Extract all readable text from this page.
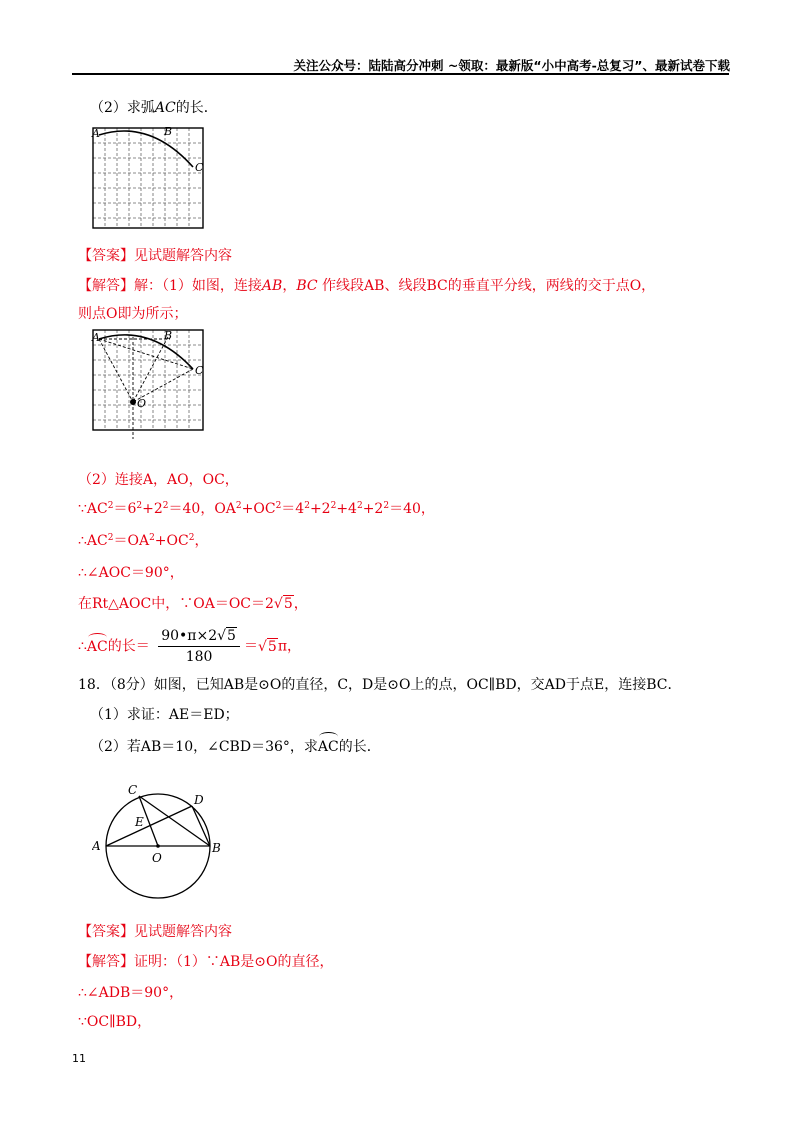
关注公众号：陆陆高分冲刺 ~领取：最新版“小中高考-总复习”、最新试卷下载
（2）求弧AC的长．
A	B
C
【答案】见试题解答内容
【解答】解：（1）如图，连接AB，BC 作线段AB、线段BC的垂直平分线，两线的交于点O，
则点O即为所示；
A	B
C
O
（2）连接A，AO，OC，
$\because AC^2=6^2+2^2=40$，$OA^2+OC^2=4^2+2^2+4^2+2^2=40$，
$\therefore AC^2=OA^2+OC^2$，
∴∠AOC＝90°，
在Rt△AOC中，∵OA＝OC＝2√5，
∴AC的长＝ $\frac{90•\pi\times 2√5}{180} =√5\pi$，
18．（8分）如图，已知AB是⊙O的直径，C，D是⊙O上的点，OC∥BD，交AD于点E，连接BC．
（1）求证：AE＝ED；
（2）若AB＝10，∠CBD＝36°，求AC的长．
A	B
C
D
E
O
【答案】见试题解答内容
【解答】证明：（1）∵AB是⊙O的直径，
∴∠ADB＝90°，
∵OC∥BD，
11
